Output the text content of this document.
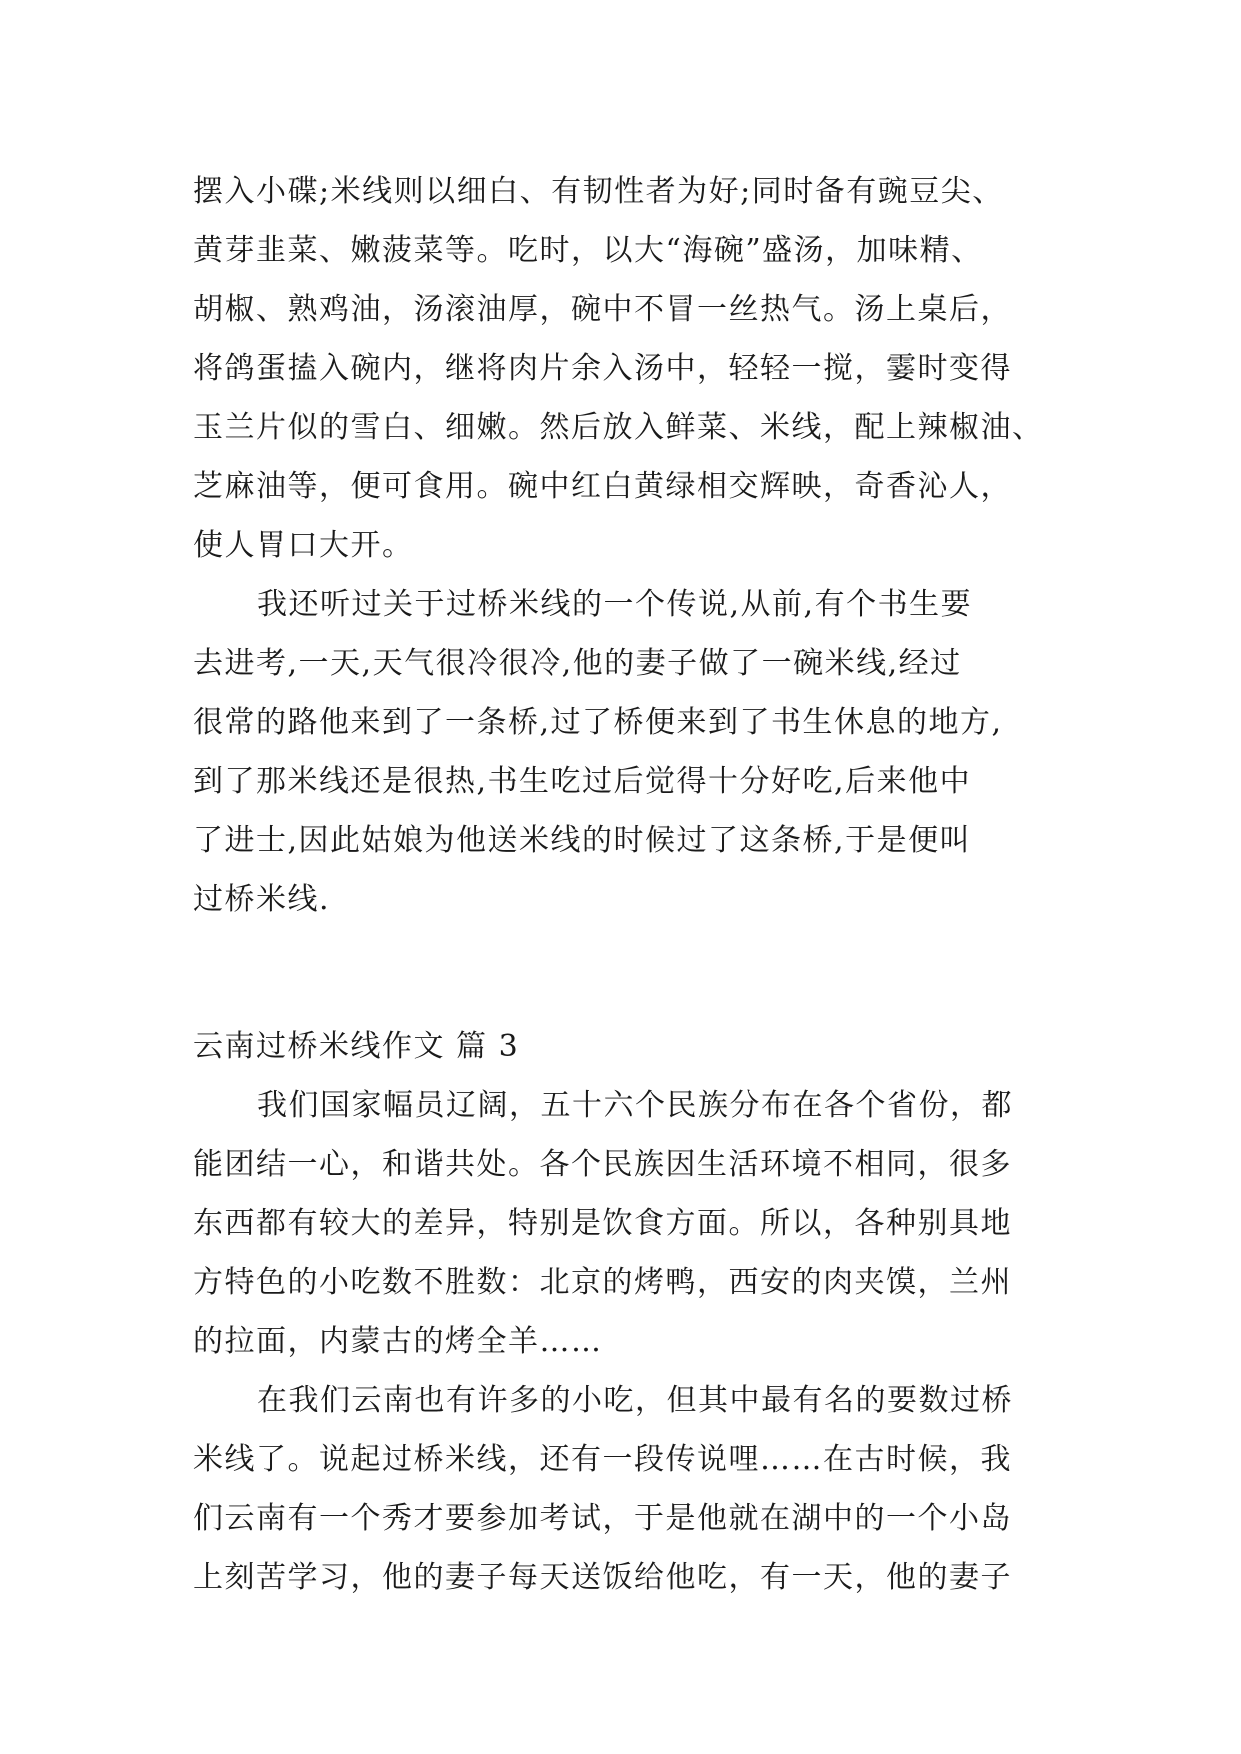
摆入小碟;米线则以细白、有韧性者为好;同时备有豌豆尖、
黄芽韭菜、嫩菠菜等。吃时，以大“海碗”盛汤，加味精、
胡椒、熟鸡油，汤滚油厚，碗中不冒一丝热气。汤上桌后，
将鸽蛋搕入碗内，继将肉片余入汤中，轻轻一搅，霎时变得
玉兰片似的雪白、细嫩。然后放入鲜菜、米线，配上辣椒油、
芝麻油等，便可食用。碗中红白黄绿相交辉映，奇香沁人，
使人胃口大开。
我还听过关于过桥米线的一个传说,从前,有个书生要
去进考,一天,天气很冷很冷,他的妻子做了一碗米线,经过
很常的路他来到了一条桥,过了桥便来到了书生休息的地方,
到了那米线还是很热,书生吃过后觉得十分好吃,后来他中
了进士,因此姑娘为他送米线的时候过了这条桥,于是便叫
过桥米线.
云南过桥米线作文 篇 3
我们国家幅员辽阔，五十六个民族分布在各个省份，都
能团结一心，和谐共处。各个民族因生活环境不相同，很多
东西都有较大的差异，特别是饮食方面。所以，各种别具地
方特色的小吃数不胜数：北京的烤鸭，西安的肉夹馍，兰州
的拉面，内蒙古的烤全羊……
在我们云南也有许多的小吃，但其中最有名的要数过桥
米线了。说起过桥米线，还有一段传说哩……在古时候，我
们云南有一个秀才要参加考试，于是他就在湖中的一个小岛
上刻苦学习，他的妻子每天送饭给他吃，有一天，他的妻子
